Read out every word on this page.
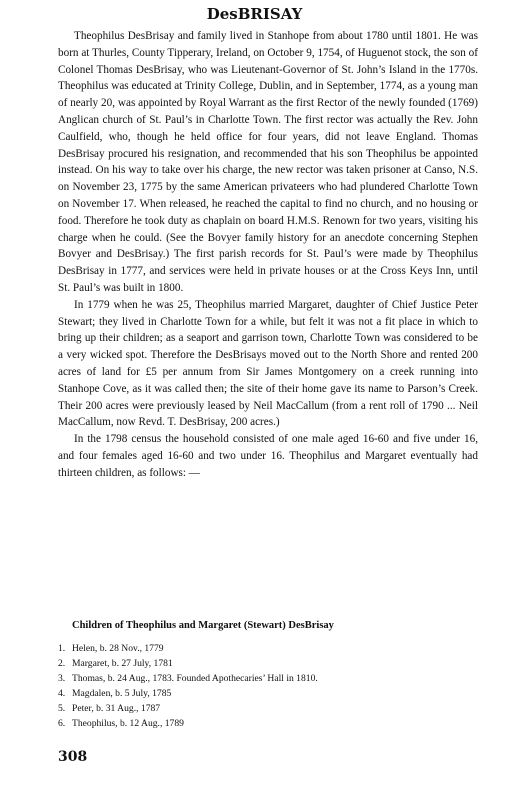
DesBRISAY

Theophilus DesBrisay and family lived in Stanhope from about 1780 until 1801. He was born at Thurles, County Tipperary, Ireland, on October 9, 1754, of Huguenot stock, the son of Colonel Thomas DesBrisay, who was Lieutenant-Governor of St. John’s Island in the 1770s. Theophilus was educated at Trinity College, Dublin, and in September, 1774, as a young man of nearly 20, was appointed by Royal Warrant as the first Rector of the newly founded (1769) Anglican church of St. Paul’s in Charlotte Town. The first rector was actually the Rev. John Caulfield, who, though he held office for four years, did not leave England. Thomas DesBrisay procured his resignation, and recommended that his son Theophilus be appointed instead. On his way to take over his charge, the new rector was taken prisoner at Canso, N.S. on November 23, 1775 by the same American privateers who had plundered Charlotte Town on November 17. When released, he reached the capital to find no church, and no housing or food. Therefore he took duty as chaplain on board H.M.S. Renown for two years, visiting his charge when he could. (See the Bovyer family history for an anecdote concerning Stephen Bovyer and DesBrisay.) The first parish records for St. Paul’s were made by Theophilus DesBrisay in 1777, and services were held in private houses or at the Cross Keys Inn, until St. Paul’s was built in 1800.

In 1779 when he was 25, Theophilus married Margaret, daughter of Chief Justice Peter Stewart; they lived in Charlotte Town for a while, but felt it was not a fit place in which to bring up their children; as a seaport and garrison town, Charlotte Town was considered to be a very wicked spot. Therefore the DesBrisays moved out to the North Shore and rented 200 acres of land for £5 per annum from Sir James Montgomery on a creek running into Stanhope Cove, as it was called then; the site of their home gave its name to Parson’s Creek. Their 200 acres were previously leased by Neil MacCallum (from a rent roll of 1790 ... Neil MacCallum, now Revd. T. DesBrisay, 200 acres.)

In the 1798 census the household consisted of one male aged 16-60 and five under 16, and four females aged 16-60 and two under 16. Theophilus and Margaret eventually had thirteen children, as follows: —

Children of Theophilus and Margaret (Stewart) DesBrisay
1. Helen, b. 28 Nov., 1779
2. Margaret, b. 27 July, 1781
3. Thomas, b. 24 Aug., 1783. Founded Apothecaries’ Hall in 1810.
4. Magdalen, b. 5 July, 1785
5. Peter, b. 31 Aug., 1787
6. Theophilus, b. 12 Aug., 1789
308
